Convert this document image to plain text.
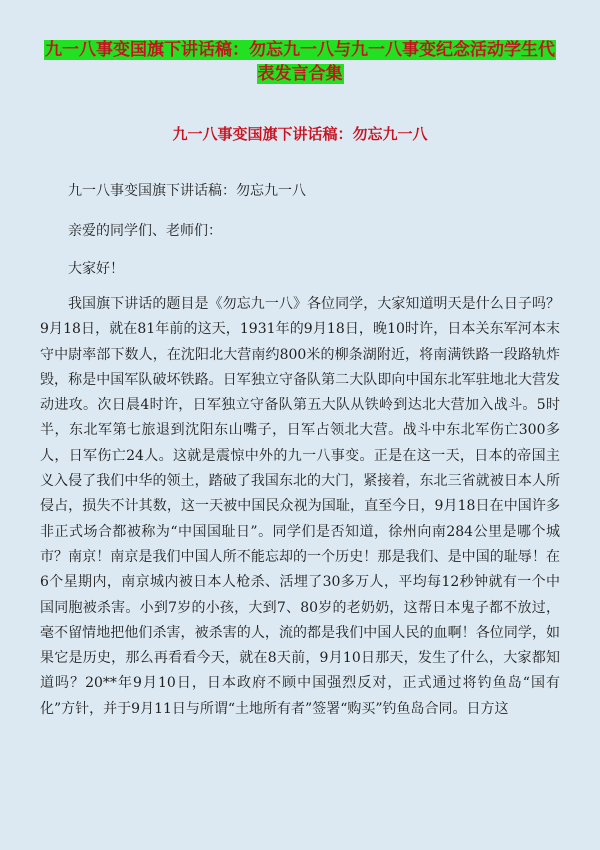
九一八事变国旗下讲话稿：勿忘九一八与九一八事变纪念活动学生代表发言合集
九一八事变国旗下讲话稿：勿忘九一八

九一八事变国旗下讲话稿：勿忘九一八

亲爱的同学们、老师们：

大家好！

我国旗下讲话的题目是《勿忘九一八》各位同学，大家知道明天是什么日子吗？9月18日，就在81年前的这天，1931年的9月18日，晚10时许，日本关东军河本末守中尉率部下数人，在沈阳北大营南约800米的柳条湖附近，将南满铁路一段路轨炸毁，称是中国军队破坏铁路。日军独立守备队第二大队即向中国东北军驻地北大营发动进攻。次日晨4时许，日军独立守备队第五大队从铁岭到达北大营加入战斗。5时半，东北军第七旅退到沈阳东山嘴子，日军占领北大营。战斗中东北军伤亡300多人，日军伤亡24人。这就是震惊中外的九一八事变。正是在这一天，日本的帝国主义入侵了我们中华的领土，踏破了我国东北的大门，紧接着，东北三省就被日本人所侵占，损失不计其数，这一天被中国民众视为国耻，直至今日，9月18日在中国许多非正式场合都被称为“中国国耻日”。同学们是否知道，徐州向南284公里是哪个城市？南京！南京是我们中国人所不能忘却的一个历史！那是我们、是中国的耻辱！在6个星期内，南京城内被日本人枪杀、活埋了30多万人，平均每12秒钟就有一个中国同胞被杀害。小到7岁的小孩，大到7、80岁的老奶奶，这帮日本鬼子都不放过，毫不留情地把他们杀害，被杀害的人，流的都是我们中国人民的血啊！各位同学，如果它是历史，那么再看看今天，就在8天前，9月10日那天，发生了什么，大家都知道吗？20**年9月10日，日本政府不顾中国强烈反对，正式通过将钓鱼岛“国有化”方针，并于9月11日与所谓“土地所有者”签署“购买”钓鱼岛合同。日方这
